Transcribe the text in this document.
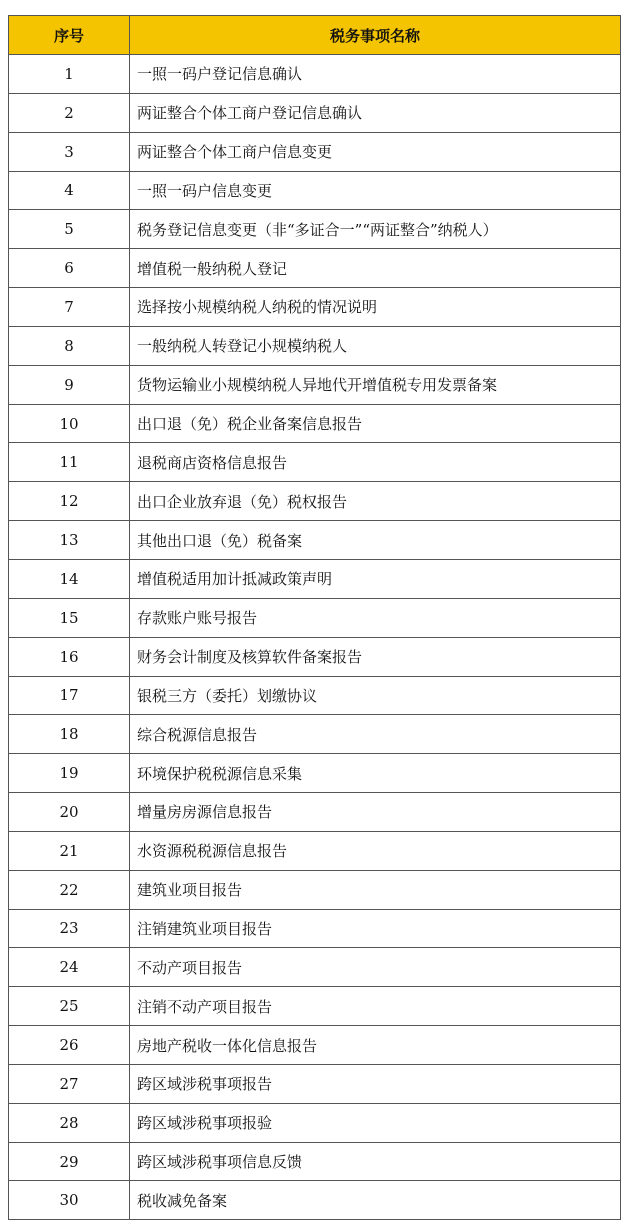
序号	税务事项名称
1	一照一码户登记信息确认
2	两证整合个体工商户登记信息确认
3	两证整合个体工商户信息变更
4	一照一码户信息变更
5	税务登记信息变更（非“多证合一”“两证整合”纳税人）
6	增值税一般纳税人登记
7	选择按小规模纳税人纳税的情况说明
8	一般纳税人转登记小规模纳税人
9	货物运输业小规模纳税人异地代开增值税专用发票备案
10	出口退（免）税企业备案信息报告
11	退税商店资格信息报告
12	出口企业放弃退（免）税权报告
13	其他出口退（免）税备案
14	增值税适用加计抵减政策声明
15	存款账户账号报告
16	财务会计制度及核算软件备案报告
17	银税三方（委托）划缴协议
18	综合税源信息报告
19	环境保护税税源信息采集
20	增量房房源信息报告
21	水资源税税源信息报告
22	建筑业项目报告
23	注销建筑业项目报告
24	不动产项目报告
25	注销不动产项目报告
26	房地产税收一体化信息报告
27	跨区域涉税事项报告
28	跨区域涉税事项报验
29	跨区域涉税事项信息反馈
30	税收减免备案
